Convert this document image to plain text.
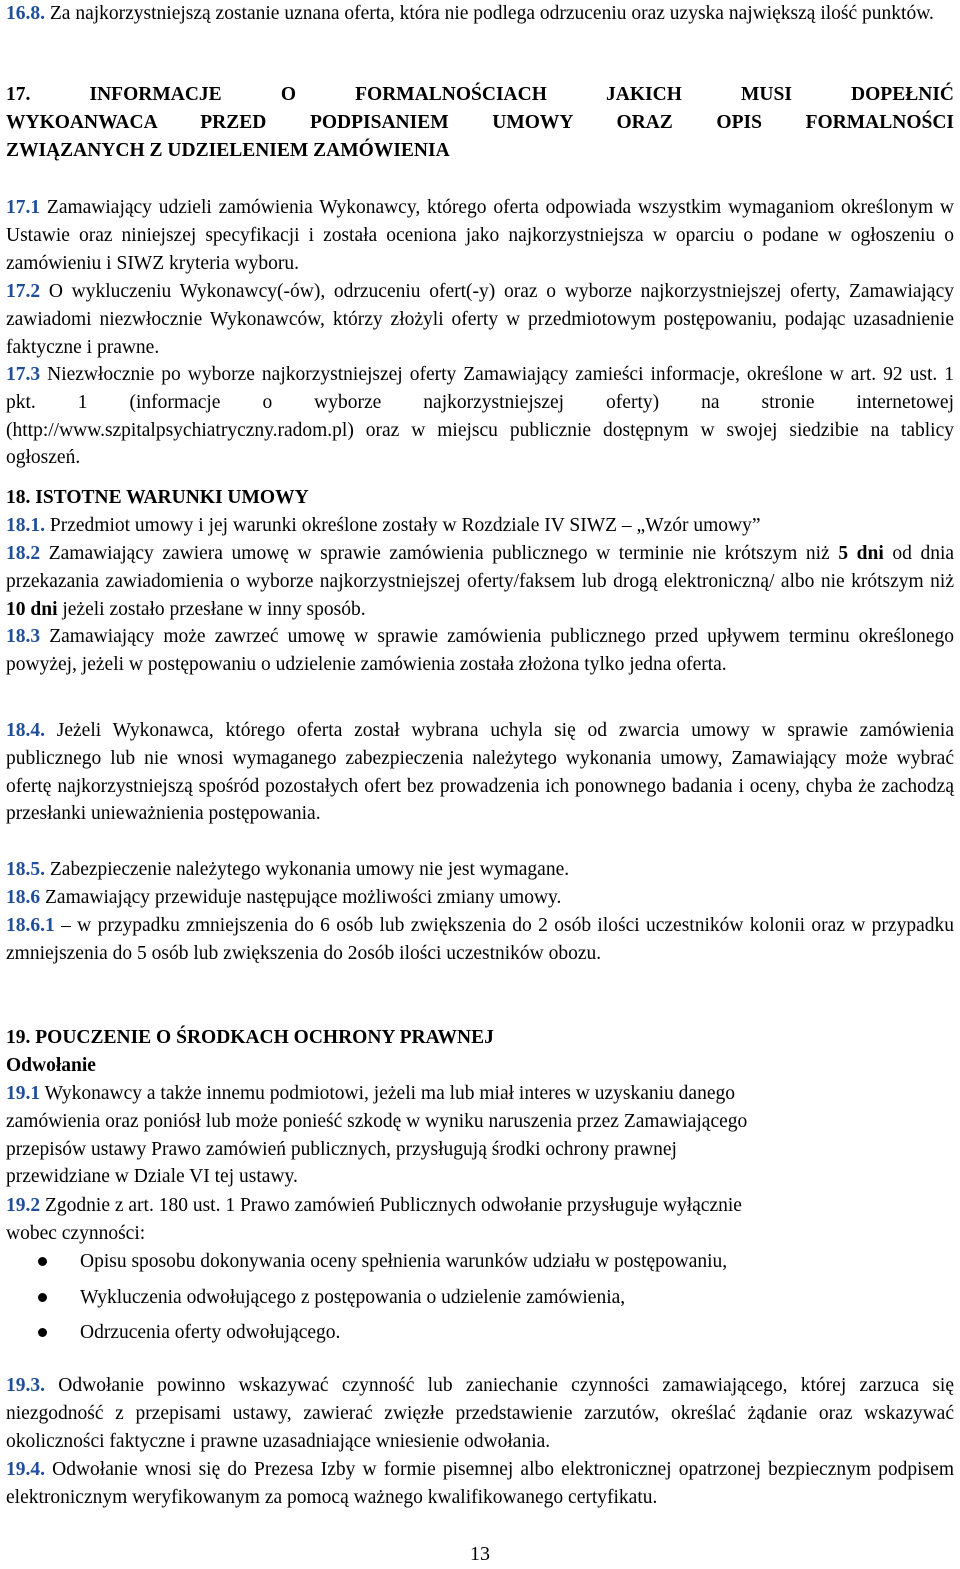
16.8. Za najkorzystniejszą zostanie uznana oferta, która nie podlega odrzuceniu oraz uzyska największą ilość punktów.
17. INFORMACJE O FORMALNOŚCIACH JAKICH MUSI DOPEŁNIĆ
WYKOANWACA PRZED PODPISANIEM UMOWY ORAZ OPIS FORMALNOŚCI
ZWIĄZANYCH Z UDZIELENIEM ZAMÓWIENIA
17.1 Zamawiający udzieli zamówienia Wykonawcy, którego oferta odpowiada wszystkim wymaganiom określonym w Ustawie oraz niniejszej specyfikacji i została oceniona jako najkorzystniejsza w oparciu o podane w ogłoszeniu o zamówieniu i SIWZ kryteria wyboru.
17.2 O wykluczeniu Wykonawcy(-ów), odrzuceniu ofert(-y) oraz o wyborze najkorzystniejszej oferty, Zamawiający zawiadomi niezwłocznie Wykonawców, którzy złożyli oferty w przedmiotowym postępowaniu, podając uzasadnienie faktyczne i prawne.
17.3 Niezwłocznie po wyborze najkorzystniejszej oferty Zamawiający zamieści informacje, określone w art. 92 ust. 1 pkt. 1 (informacje o wyborze najkorzystniejszej oferty) na stronie internetowej (http://www.szpitalpsychiatryczny.radom.pl) oraz w miejscu publicznie dostępnym w swojej siedzibie na tablicy ogłoszeń.
18. ISTOTNE WARUNKI UMOWY
18.1. Przedmiot umowy i jej warunki określone zostały w Rozdziale IV SIWZ – „Wzór umowy”
18.2 Zamawiający zawiera umowę w sprawie zamówienia publicznego w terminie nie krótszym niż 5 dni od dnia przekazania zawiadomienia o wyborze najkorzystniejszej oferty/faksem lub drogą elektroniczną/ albo nie krótszym niż 10 dni jeżeli zostało przesłane w inny sposób.
18.3 Zamawiający może zawrzeć umowę w sprawie zamówienia publicznego przed upływem terminu określonego powyżej, jeżeli w postępowaniu o udzielenie zamówienia została złożona tylko jedna oferta.
18.4. Jeżeli Wykonawca, którego oferta został wybrana uchyla się od zwarcia umowy w sprawie zamówienia publicznego lub nie wnosi wymaganego zabezpieczenia należytego wykonania umowy, Zamawiający może wybrać ofertę najkorzystniejszą spośród pozostałych ofert bez prowadzenia ich ponownego badania i oceny, chyba że zachodzą przesłanki unieważnienia postępowania.
18.5. Zabezpieczenie należytego wykonania umowy nie jest wymagane.
18.6 Zamawiający przewiduje następujące możliwości zmiany umowy.
18.6.1 – w przypadku zmniejszenia do 6 osób lub zwiększenia do 2 osób ilości uczestników kolonii oraz w przypadku zmniejszenia do 5 osób lub zwiększenia do 2osób ilości uczestników obozu.
19. POUCZENIE O ŚRODKACH OCHRONY PRAWNEJ
Odwołanie
19.1 Wykonawcy a także innemu podmiotowi, jeżeli ma lub miał interes w uzyskaniu danego
zamówienia oraz poniósł lub może ponieść szkodę w wyniku naruszenia przez Zamawiającego
przepisów ustawy Prawo zamówień publicznych, przysługują środki ochrony prawnej
przewidziane w Dziale VI tej ustawy.
19.2 Zgodnie z art. 180 ust. 1 Prawo zamówień Publicznych odwołanie przysługuje wyłącznie
wobec czynności:
Opisu sposobu dokonywania oceny spełnienia warunków udziału w postępowaniu,
Wykluczenia odwołującego z postępowania o udzielenie zamówienia,
Odrzucenia oferty odwołującego.
19.3. Odwołanie powinno wskazywać czynność lub zaniechanie czynności zamawiającego, której zarzuca się niezgodność z przepisami ustawy, zawierać zwięzłe przedstawienie zarzutów, określać żądanie oraz wskazywać okoliczności faktyczne i prawne uzasadniające wniesienie odwołania.
19.4. Odwołanie wnosi się do Prezesa Izby w formie pisemnej albo elektronicznej opatrzonej bezpiecznym podpisem elektronicznym weryfikowanym za pomocą ważnego kwalifikowanego certyfikatu.
13
